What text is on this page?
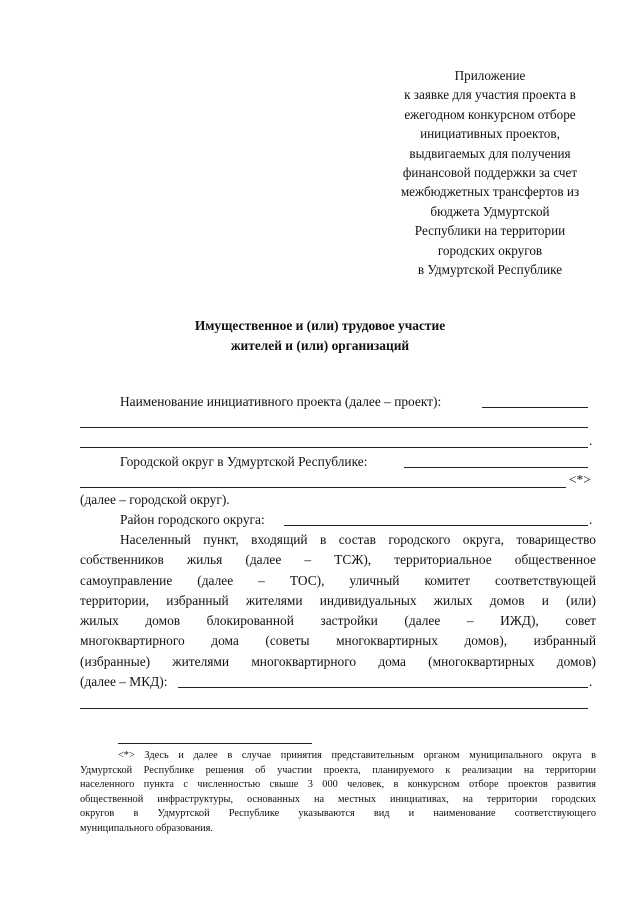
Приложение
к заявке для участия проекта в
ежегодном конкурсном отборе
инициативных проектов,
выдвигаемых для получения
финансовой поддержки за счет
межбюджетных трансфертов из
бюджета Удмуртской
Республики на территории
городских округов
в Удмуртской Республике
Имущественное и (или) трудовое участие
жителей и (или) организаций
Наименование инициативного проекта (далее – проект):
.
Городской округ в Удмуртской Республике:
<*>
(далее – городской округ).
Район городского округа:	.
Населенный пункт, входящий в состав городского округа, товарищество
собственников жилья (далее – ТСЖ), территориальное общественное
самоуправление (далее – ТОС), уличный комитет соответствующей
территории, избранный жителями индивидуальных жилых домов и (или)
жилых домов блокированной застройки (далее – ИЖД), совет
многоквартирного дома (советы многоквартирных домов), избранный
(избранные) жителями многоквартирного дома (многоквартирных домов)
(далее – МКД):	.
<*> Здесь и далее в случае принятия представительным органом муниципального округа в
Удмуртской Республике решения об участии проекта, планируемого к реализации на территории
населенного пункта с численностью свыше 3 000 человек, в конкурсном отборе проектов развития
общественной инфраструктуры, основанных на местных инициативах, на территории городских
округов в Удмуртской Республике указываются вид и наименование соответствующего
муниципального образования.
